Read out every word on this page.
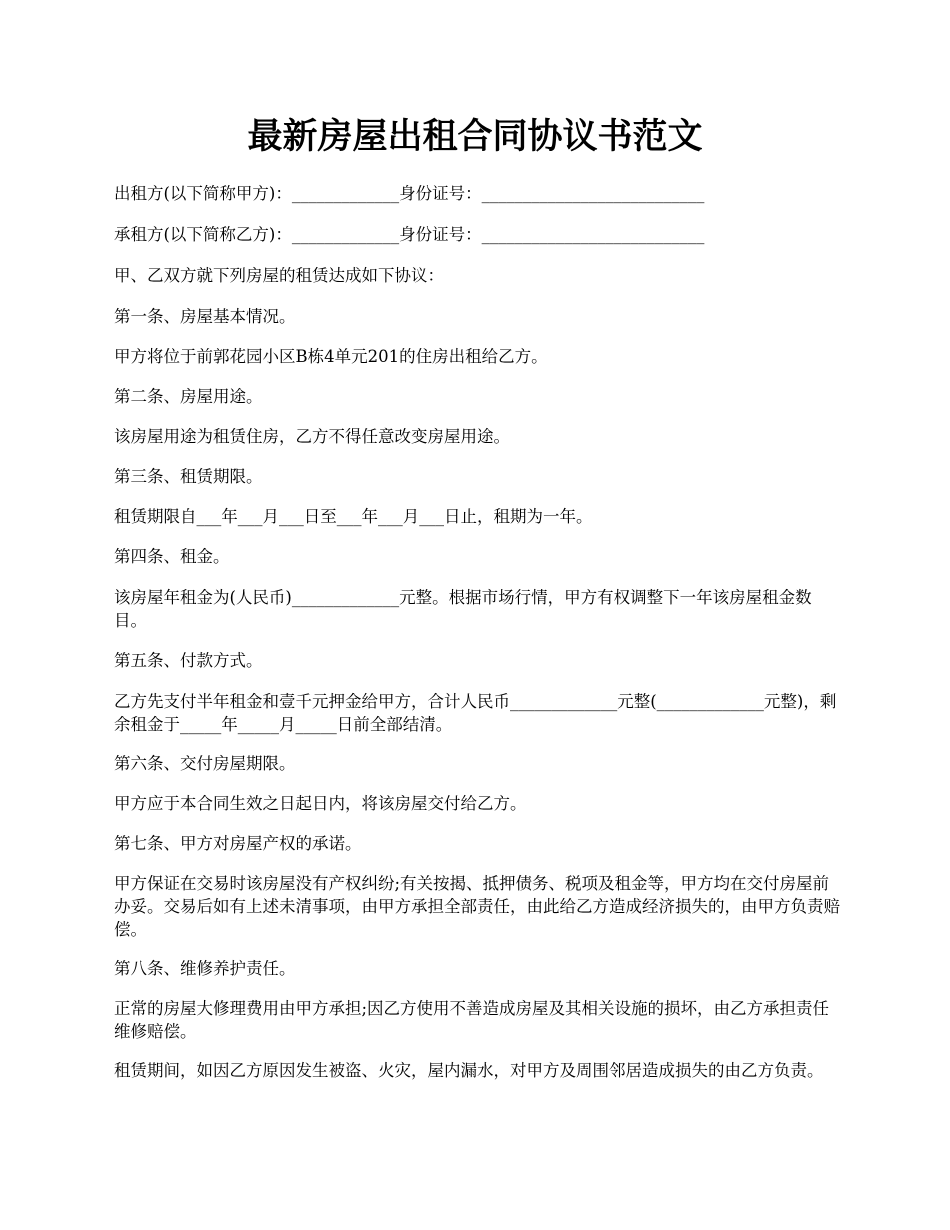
最新房屋出租合同协议书范文

出租方(以下简称甲方)：_____________身份证号：___________________________

承租方(以下简称乙方)：_____________身份证号：___________________________

甲、乙双方就下列房屋的租赁达成如下协议：

第一条、房屋基本情况。

甲方将位于前郭花园小区B栋4单元201的住房出租给乙方。

第二条、房屋用途。

该房屋用途为租赁住房，乙方不得任意改变房屋用途。

第三条、租赁期限。

租赁期限自___年___月___日至___年___月___日止，租期为一年。

第四条、租金。

该房屋年租金为(人民币)_____________元整。根据市场行情，甲方有权调整下一年该房屋租金数目。

第五条、付款方式。

乙方先支付半年租金和壹千元押金给甲方，合计人民币_____________元整(_____________元整)，剩余租金于_____年_____月_____日前全部结清。

第六条、交付房屋期限。

甲方应于本合同生效之日起日内，将该房屋交付给乙方。

第七条、甲方对房屋产权的承诺。

甲方保证在交易时该房屋没有产权纠纷;有关按揭、抵押债务、税项及租金等，甲方均在交付房屋前办妥。交易后如有上述未清事项，由甲方承担全部责任，由此给乙方造成经济损失的，由甲方负责赔偿。

第八条、维修养护责任。

正常的房屋大修理费用由甲方承担;因乙方使用不善造成房屋及其相关设施的损坏，由乙方承担责任维修赔偿。

租赁期间，如因乙方原因发生被盗、火灾，屋内漏水，对甲方及周围邻居造成损失的由乙方负责。
